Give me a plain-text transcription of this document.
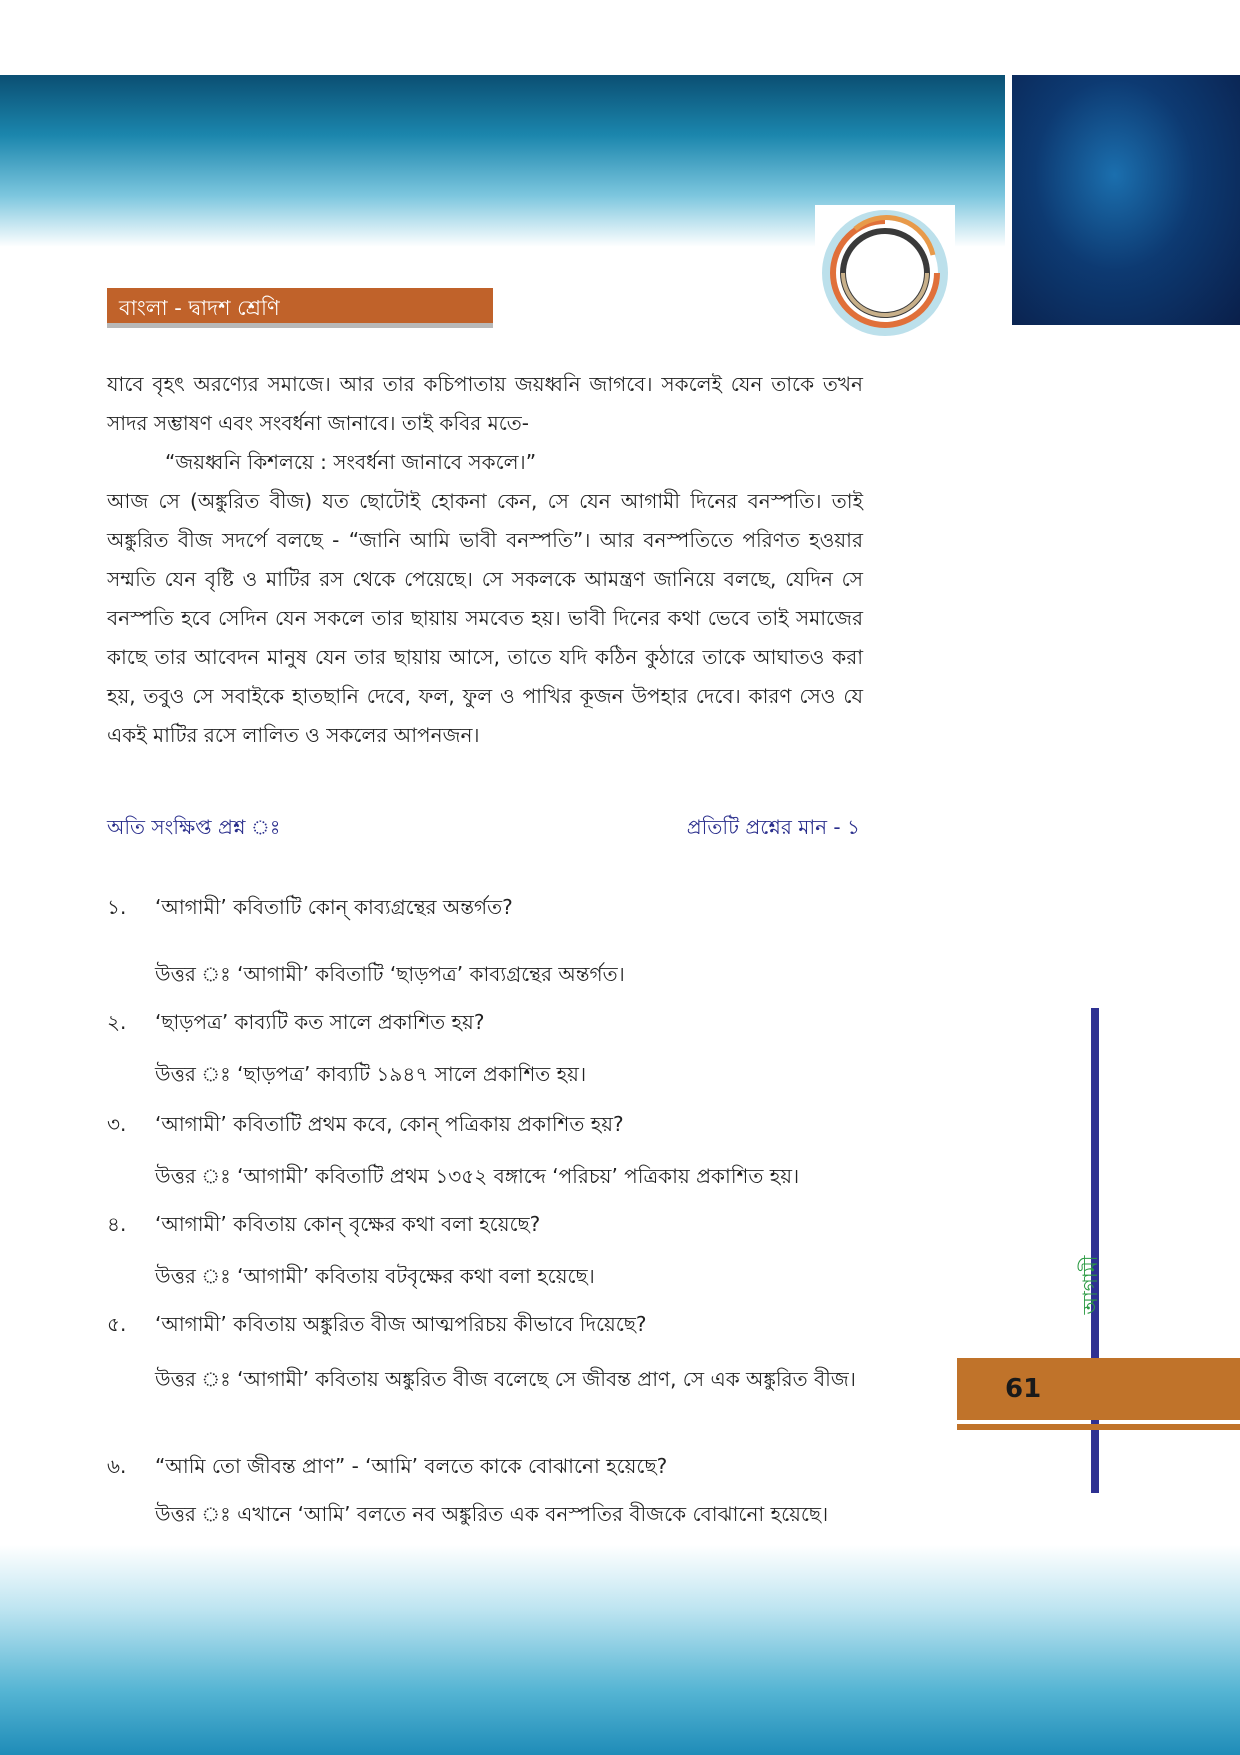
বাংলা - দ্বাদশ শ্রেণি

যাবে বৃহৎ অরণ্যের সমাজে। আর তার কচিপাতায় জয়ধ্বনি জাগবে। সকলেই যেন তাকে তখন সাদর সম্ভাষণ এবং সংবর্ধনা জানাবে। তাই কবির মতে-

“জয়ধ্বনি কিশলয়ে : সংবর্ধনা জানাবে সকলে।”

আজ সে (অঙ্কুরিত বীজ) যত ছোটোই হোকনা কেন, সে যেন আগামী দিনের বনস্পতি। তাই অঙ্কুরিত বীজ সদর্পে বলছে - “জানি আমি ভাবী বনস্পতি”। আর বনস্পতিতে পরিণত হওয়ার সম্মতি যেন বৃষ্টি ও মাটির রস থেকে পেয়েছে। সে সকলকে আমন্ত্রণ জানিয়ে বলছে, যেদিন সে বনস্পতি হবে সেদিন যেন সকলে তার ছায়ায় সমবেত হয়। ভাবী দিনের কথা ভেবে তাই সমাজের কাছে তার আবেদন মানুষ যেন তার ছায়ায় আসে, তাতে যদি কঠিন কুঠারে তাকে আঘাতও করা হয়, তবুও সে সবাইকে হাতছানি দেবে, ফল, ফুল ও পাখির কূজন উপহার দেবে। কারণ সেও যে একই মাটির রসে লালিত ও সকলের আপনজন।

অতি সংক্ষিপ্ত প্রশ্ন ঃ	প্রতিটি প্রশ্নের মান - ১
১. ‘আগামী’ কবিতাটি কোন্ কাব্যগ্রন্থের অন্তর্গত?
উত্তর ঃ ‘আগামী’ কবিতাটি ‘ছাড়পত্র’ কাব্যগ্রন্থের অন্তর্গত।
২. ‘ছাড়পত্র’ কাব্যটি কত সালে প্রকাশিত হয়?
উত্তর ঃ ‘ছাড়পত্র’ কাব্যটি ১৯৪৭ সালে প্রকাশিত হয়।
৩. ‘আগামী’ কবিতাটি প্রথম কবে, কোন্ পত্রিকায় প্রকাশিত হয়?
উত্তর ঃ ‘আগামী’ কবিতাটি প্রথম ১৩৫২ বঙ্গাব্দে ‘পরিচয়’ পত্রিকায় প্রকাশিত হয়।
৪. ‘আগামী’ কবিতায় কোন্ বৃক্ষের কথা বলা হয়েছে?
উত্তর ঃ ‘আগামী’ কবিতায় বটবৃক্ষের কথা বলা হয়েছে।
৫. ‘আগামী’ কবিতায় অঙ্কুরিত বীজ আত্মপরিচয় কীভাবে দিয়েছে?
উত্তর ঃ ‘আগামী’ কবিতায় অঙ্কুরিত বীজ বলেছে সে জীবন্ত প্রাণ, সে এক অঙ্কুরিত বীজ।
৬. “আমি তো জীবন্ত প্রাণ” - ‘আমি’ বলতে কাকে বোঝানো হয়েছে?
উত্তর ঃ এখানে ‘আমি’ বলতে নব অঙ্কুরিত এক বনস্পতির বীজকে বোঝানো হয়েছে।
আগামী
61
